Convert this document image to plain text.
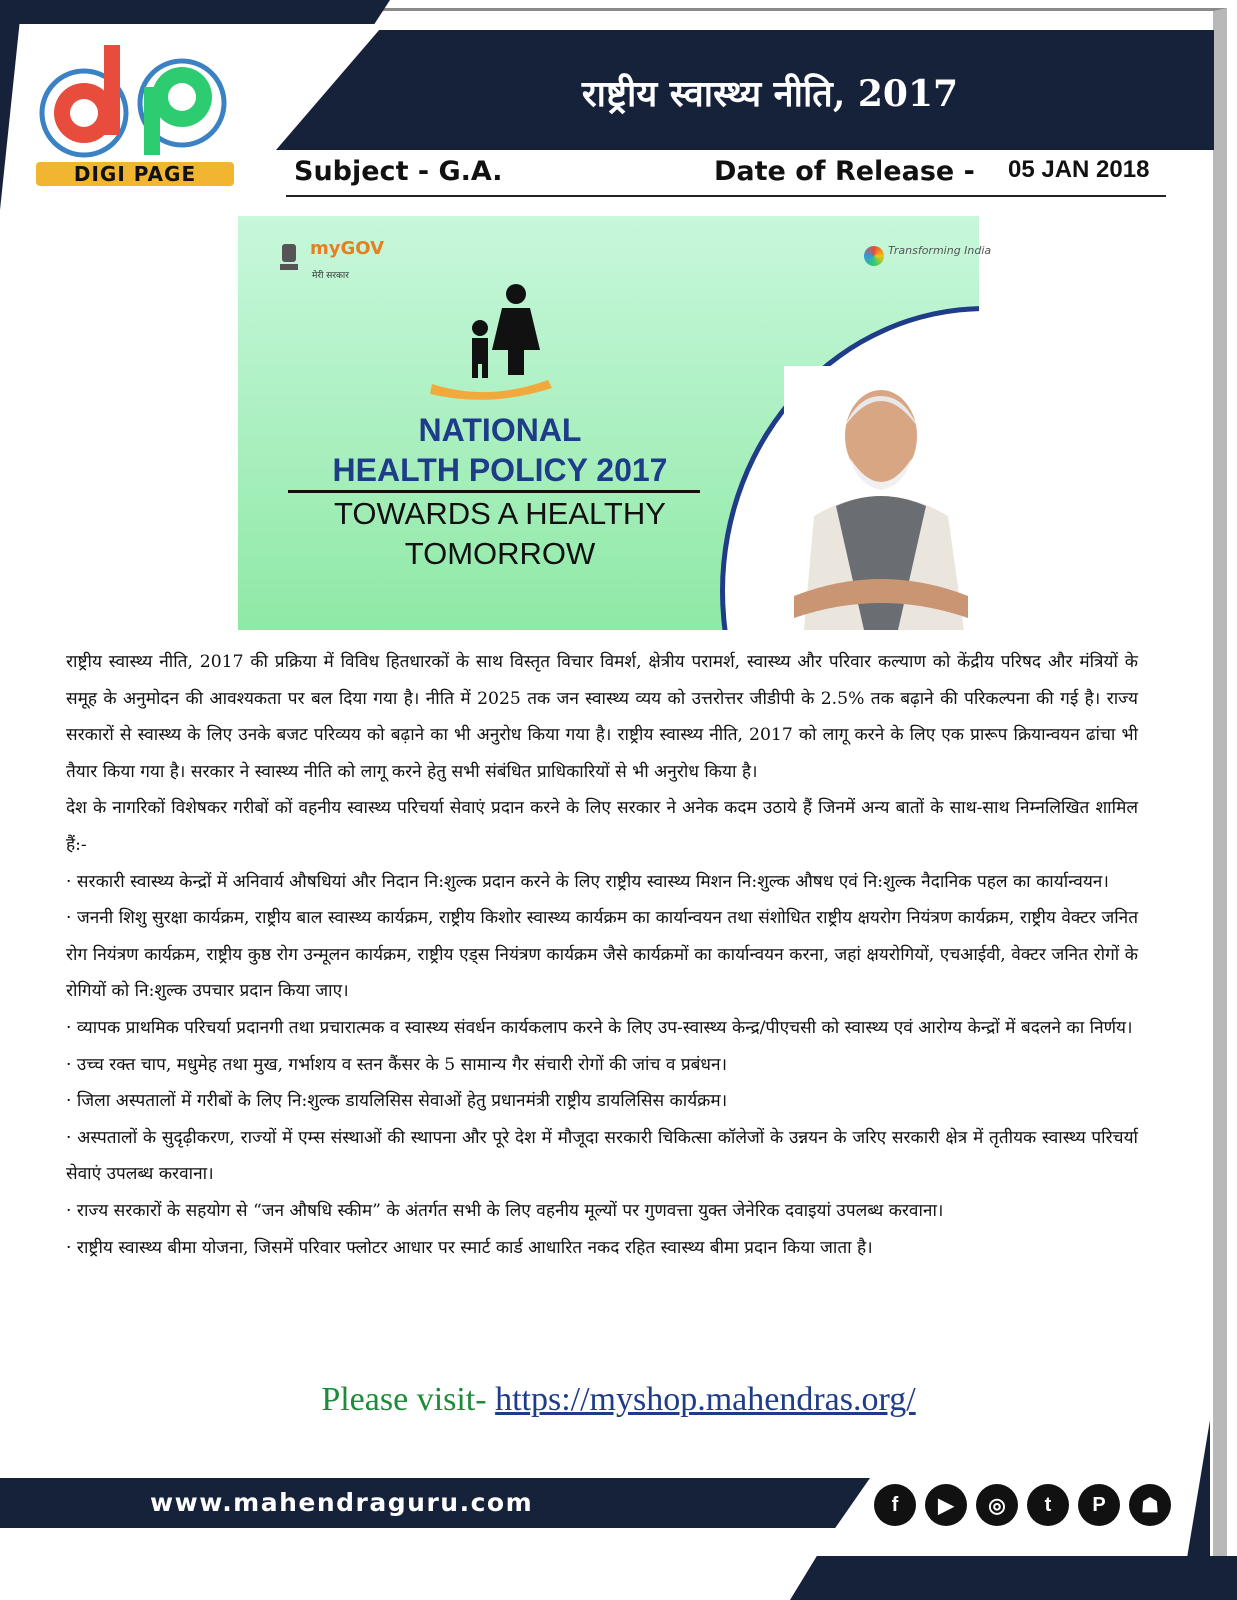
राष्ट्रीय स्वास्थ्य नीति, 2017
DIGI PAGE	Subject - G.A.	Date of Release - 05 JAN 2018
myGOV
मेरी सरकार
Transforming India
NATIONAL
HEALTH POLICY 2017
TOWARDS A HEALTHY
TOMORROW

राष्ट्रीय स्वास्थ्य नीति, 2017 की प्रक्रिया में विविध हितधारकों के साथ विस्तृत विचार विमर्श, क्षेत्रीय परामर्श, स्वास्थ्य और परिवार कल्याण को केंद्रीय परिषद और मंत्रियों के समूह के अनुमोदन की आवश्यकता पर बल दिया गया है। नीति में 2025 तक जन स्वास्थ्य व्यय को उत्तरोत्तर जीडीपी के 2.5% तक बढ़ाने की परिकल्पना की गई है। राज्य सरकारों से स्वास्थ्य के लिए उनके बजट परिव्यय को बढ़ाने का भी अनुरोध किया गया है। राष्ट्रीय स्वास्थ्य नीति, 2017 को लागू करने के लिए एक प्रारूप क्रियान्वयन ढांचा भी तैयार किया गया है। सरकार ने स्वास्थ्य नीति को लागू करने हेतु सभी संबंधित प्राधिकारियों से भी अनुरोध किया है।

देश के नागरिकों विशेषकर गरीबों कों वहनीय स्वास्थ्य परिचर्या सेवाएं प्रदान करने के लिए सरकार ने अनेक कदम उठाये हैं जिनमें अन्य बातों के साथ-साथ निम्नलिखित शामिल हैं:-

· सरकारी स्वास्थ्य केन्द्रों में अनिवार्य औषधियां और निदान नि:शुल्क प्रदान करने के लिए राष्ट्रीय स्वास्थ्य मिशन नि:शुल्क औषध एवं नि:शुल्क नैदानिक पहल का कार्यान्वयन।

· जननी शिशु सुरक्षा कार्यक्रम, राष्ट्रीय बाल स्वास्थ्य कार्यक्रम, राष्ट्रीय किशोर स्वास्थ्य कार्यक्रम का कार्यान्वयन तथा संशोधित राष्ट्रीय क्षयरोग नियंत्रण कार्यक्रम, राष्ट्रीय वेक्टर जनित रोग नियंत्रण कार्यक्रम, राष्ट्रीय कुष्ठ रोग उन्मूलन कार्यक्रम, राष्ट्रीय एड्स नियंत्रण कार्यक्रम जैसे कार्यक्रमों का कार्यान्वयन करना, जहां क्षयरोगियों, एचआईवी, वेक्टर जनित रोगों के रोगियों को नि:शुल्क उपचार प्रदान किया जाए।

· व्यापक प्राथमिक परिचर्या प्रदानगी तथा प्रचारात्मक व स्वास्थ्य संवर्धन कार्यकलाप करने के लिए उप-स्वास्थ्य केन्द्र/पीएचसी को स्वास्थ्य एवं आरोग्य केन्द्रों में बदलने का निर्णय।

· उच्च रक्त चाप, मधुमेह तथा मुख, गर्भाशय व स्तन कैंसर के 5 सामान्य गैर संचारी रोगों की जांच व प्रबंधन।

· जिला अस्पतालों में गरीबों के लिए नि:शुल्क डायलिसिस सेवाओं हेतु प्रधानमंत्री राष्ट्रीय डायलिसिस कार्यक्रम।

· अस्पतालों के सुदृढ़ीकरण, राज्यों में एम्स संस्थाओं की स्थापना और पूरे देश में मौजूदा सरकारी चिकित्सा कॉलेजों के उन्नयन के जरिए सरकारी क्षेत्र में तृतीयक स्वास्थ्य परिचर्या सेवाएं उपलब्ध करवाना।

· राज्य सरकारों के सहयोग से “जन औषधि स्कीम” के अंतर्गत सभी के लिए वहनीय मूल्यों पर गुणवत्ता युक्त जेनेरिक दवाइयां उपलब्ध करवाना।

· राष्ट्रीय स्वास्थ्य बीमा योजना, जिसमें परिवार फ्लोटर आधार पर स्मार्ट कार्ड आधारित नकद रहित स्वास्थ्य बीमा प्रदान किया जाता है।

Please visit- https://myshop.mahendras.org/
www.mahendraguru.com	f	▶	◎	t	P	☗
